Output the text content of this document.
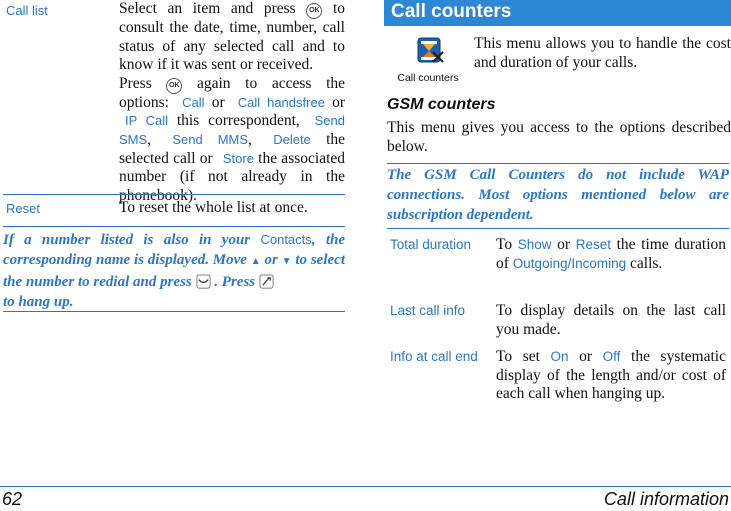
Call list	Select an item and press OK to consult the date, time, number, call status of any selected call and to know if it was sent or received.
Press OK again to access the options: Call or Call handsfree or IP Call this correspondent, Send SMS, Send MMS, Delete the selected call or Store the associated number (if not already in the phonebook).
Reset	To reset the whole list at once.
If a number listed is also in your Contacts, the corresponding name is displayed. Move ▲ or ▼ to select the number to redial and press . Press
to hang up.
Call counters
Call counters
This menu allows you to handle the cost and duration of your calls.
GSM counters
This menu gives you access to the options described below.
The GSM Call Counters do not include WAP connections. Most options mentioned below are subscription dependent.
Total duration	To Show or Reset the time duration of Outgoing/Incoming calls.
Last call info	To display details on the last call you made.
Info at call end	To set On or Off the systematic display of the length and/or cost of each call when hanging up.
62	Call information
